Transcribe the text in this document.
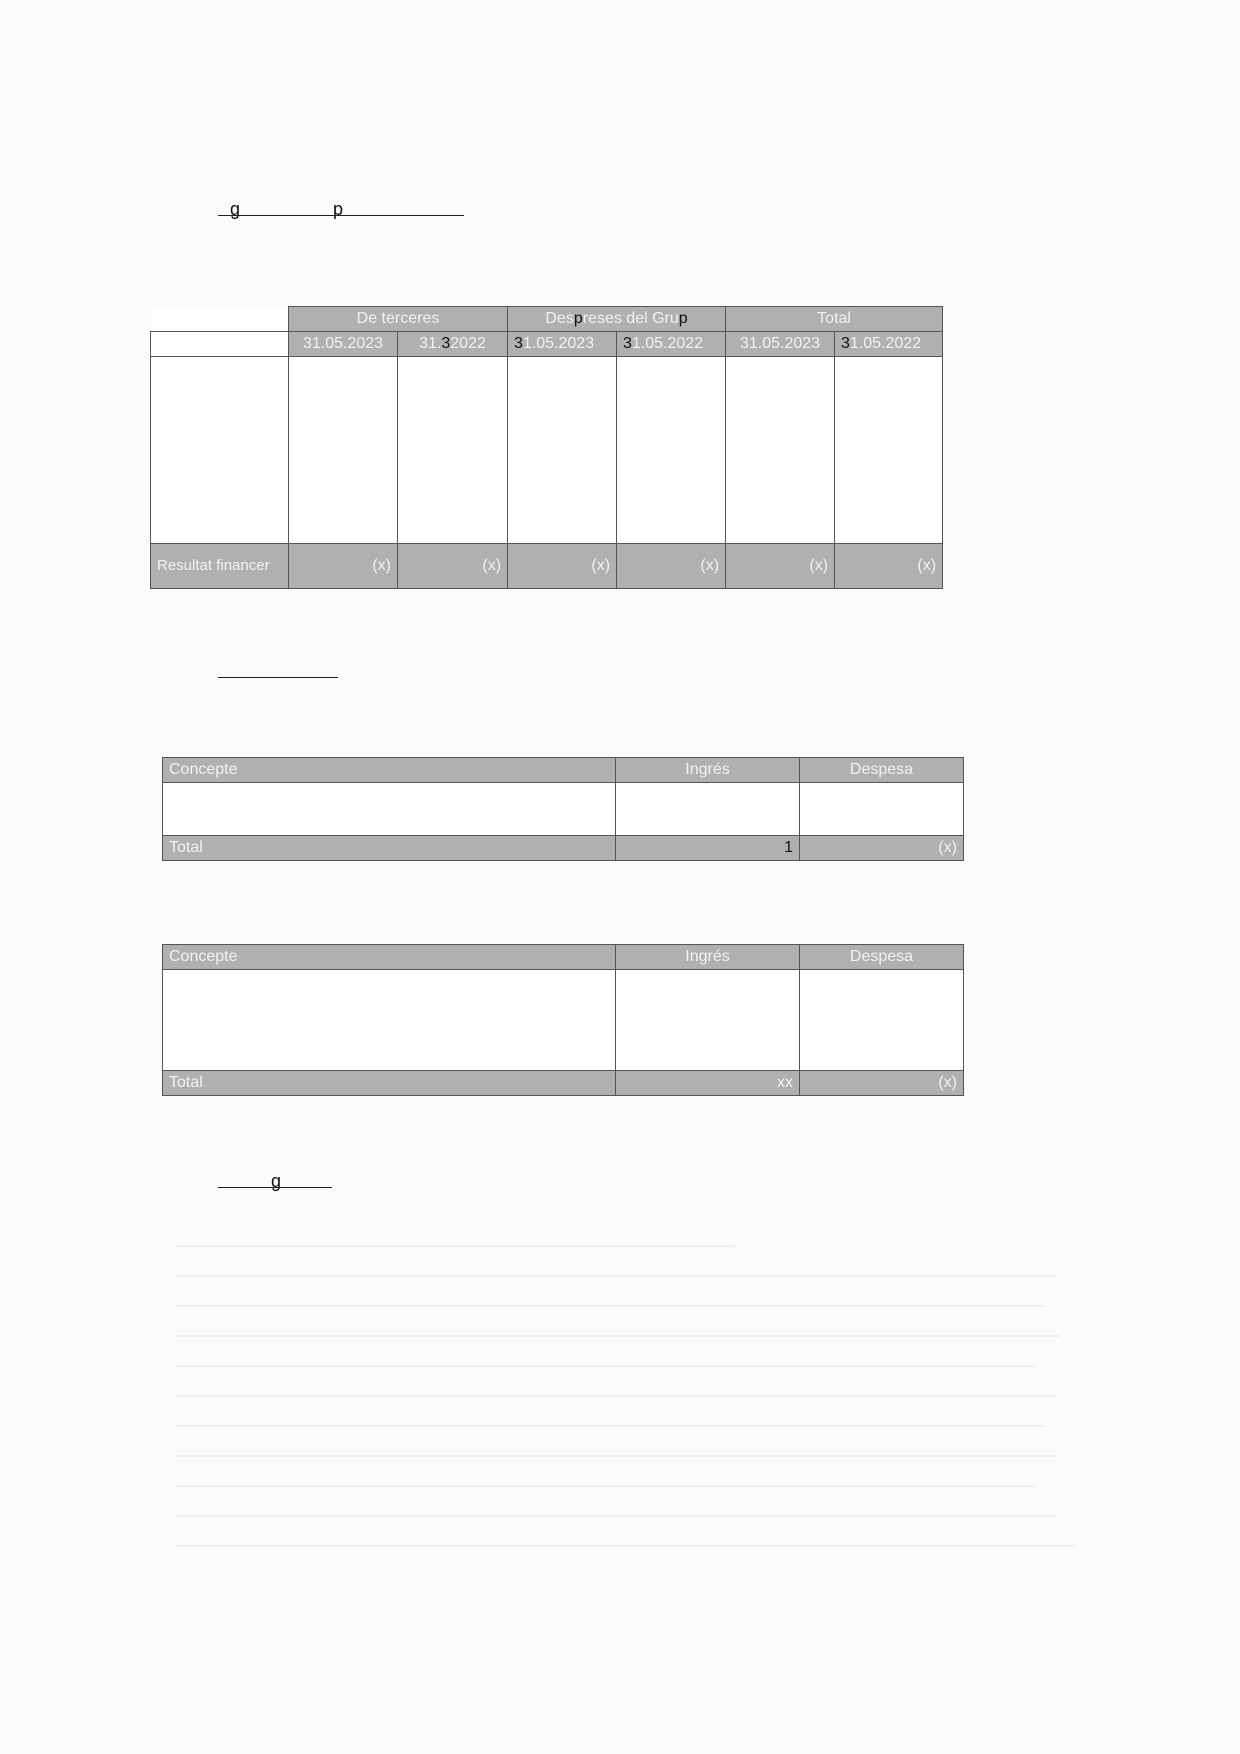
g	p
	De terceres		Despreses del Grup		Total	
	31.05.2023	31.32022	31.05.2023	31.05.2022	31.05.2023	31.05.2022

Resultat financer	(x)	(x)	(x)	(x)	(x)	(x)
Concepte	Ingrés	Despesa

Total	1	(x)
Concepte	Ingrés	Despesa

Total	xx	(x)
g
